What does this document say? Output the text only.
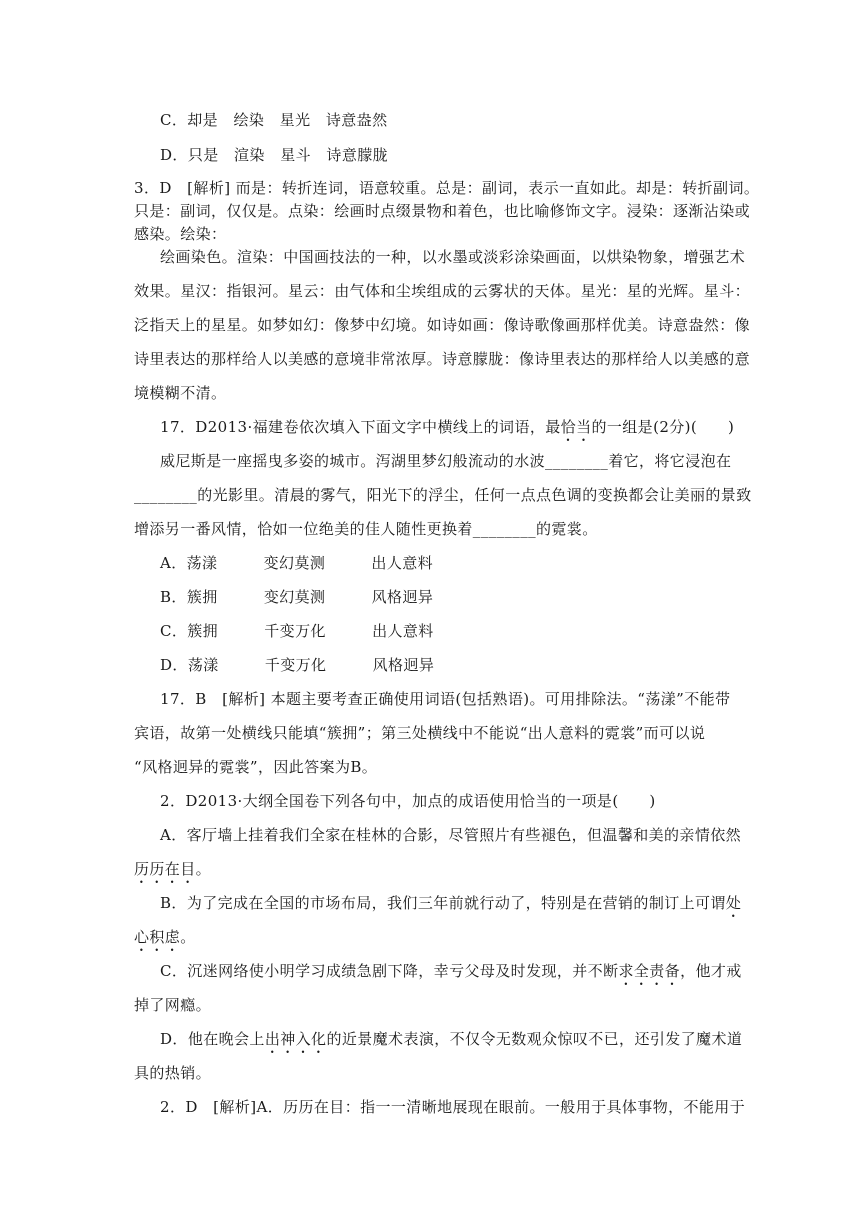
C．却是　绘染　星光　诗意盎然
D．只是　渲染　星斗　诗意朦胧
3．D　[解析] 而是：转折连词，语意较重。总是：副词，表示一直如此。却是：转折副词。
只是：副词，仅仅是。点染：绘画时点缀景物和着色，也比喻修饰文字。浸染：逐渐沾染或
感染。绘染：
绘画染色。渲染：中国画技法的一种，以水墨或淡彩涂染画面，以烘染物象，增强艺术
效果。星汉：指银河。星云：由气体和尘埃组成的云雾状的天体。星光：星的光辉。星斗：
泛指天上的星星。如梦如幻：像梦中幻境。如诗如画：像诗歌像画那样优美。诗意盎然：像
诗里表达的那样给人以美感的意境非常浓厚。诗意朦胧：像诗里表达的那样给人以美感的意
境模糊不清。
17．D2013·福建卷依次填入下面文字中横线上的词语，最恰当的一组是(2分)(　　)
威尼斯是一座摇曳多姿的城市。泻湖里梦幻般流动的水波________着它，将它浸泡在
________的光影里。清晨的雾气，阳光下的浮尘，任何一点点色调的变换都会让美丽的景致
增添另一番风情，恰如一位绝美的佳人随性更换着________的霓裳。
A．荡漾　　　变幻莫测　　　出人意料
B．簇拥　　　变幻莫测　　　风格迥异
C．簇拥　　　千变万化　　　出人意料
D．荡漾　　　千变万化　　　风格迥异
17．B　[解析] 本题主要考查正确使用词语(包括熟语)。可用排除法。“荡漾”不能带
宾语，故第一处横线只能填“簇拥”；第三处横线中不能说“出人意料的霓裳”而可以说
“风格迥异的霓裳”，因此答案为B。
2．D2013·大纲全国卷下列各句中，加点的成语使用恰当的一项是(　　)
A．客厅墙上挂着我们全家在桂林的合影，尽管照片有些褪色，但温馨和美的亲情依然
历历在目。
B．为了完成在全国的市场布局，我们三年前就行动了，特别是在营销的制订上可谓处
心积虑。
C．沉迷网络使小明学习成绩急剧下降，幸亏父母及时发现，并不断求全责备，他才戒
掉了网瘾。
D．他在晚会上出神入化的近景魔术表演，不仅令无数观众惊叹不已，还引发了魔术道
具的热销。
2．D　[解析]A．历历在目：指一一清晰地展现在眼前。一般用于具体事物，不能用于
